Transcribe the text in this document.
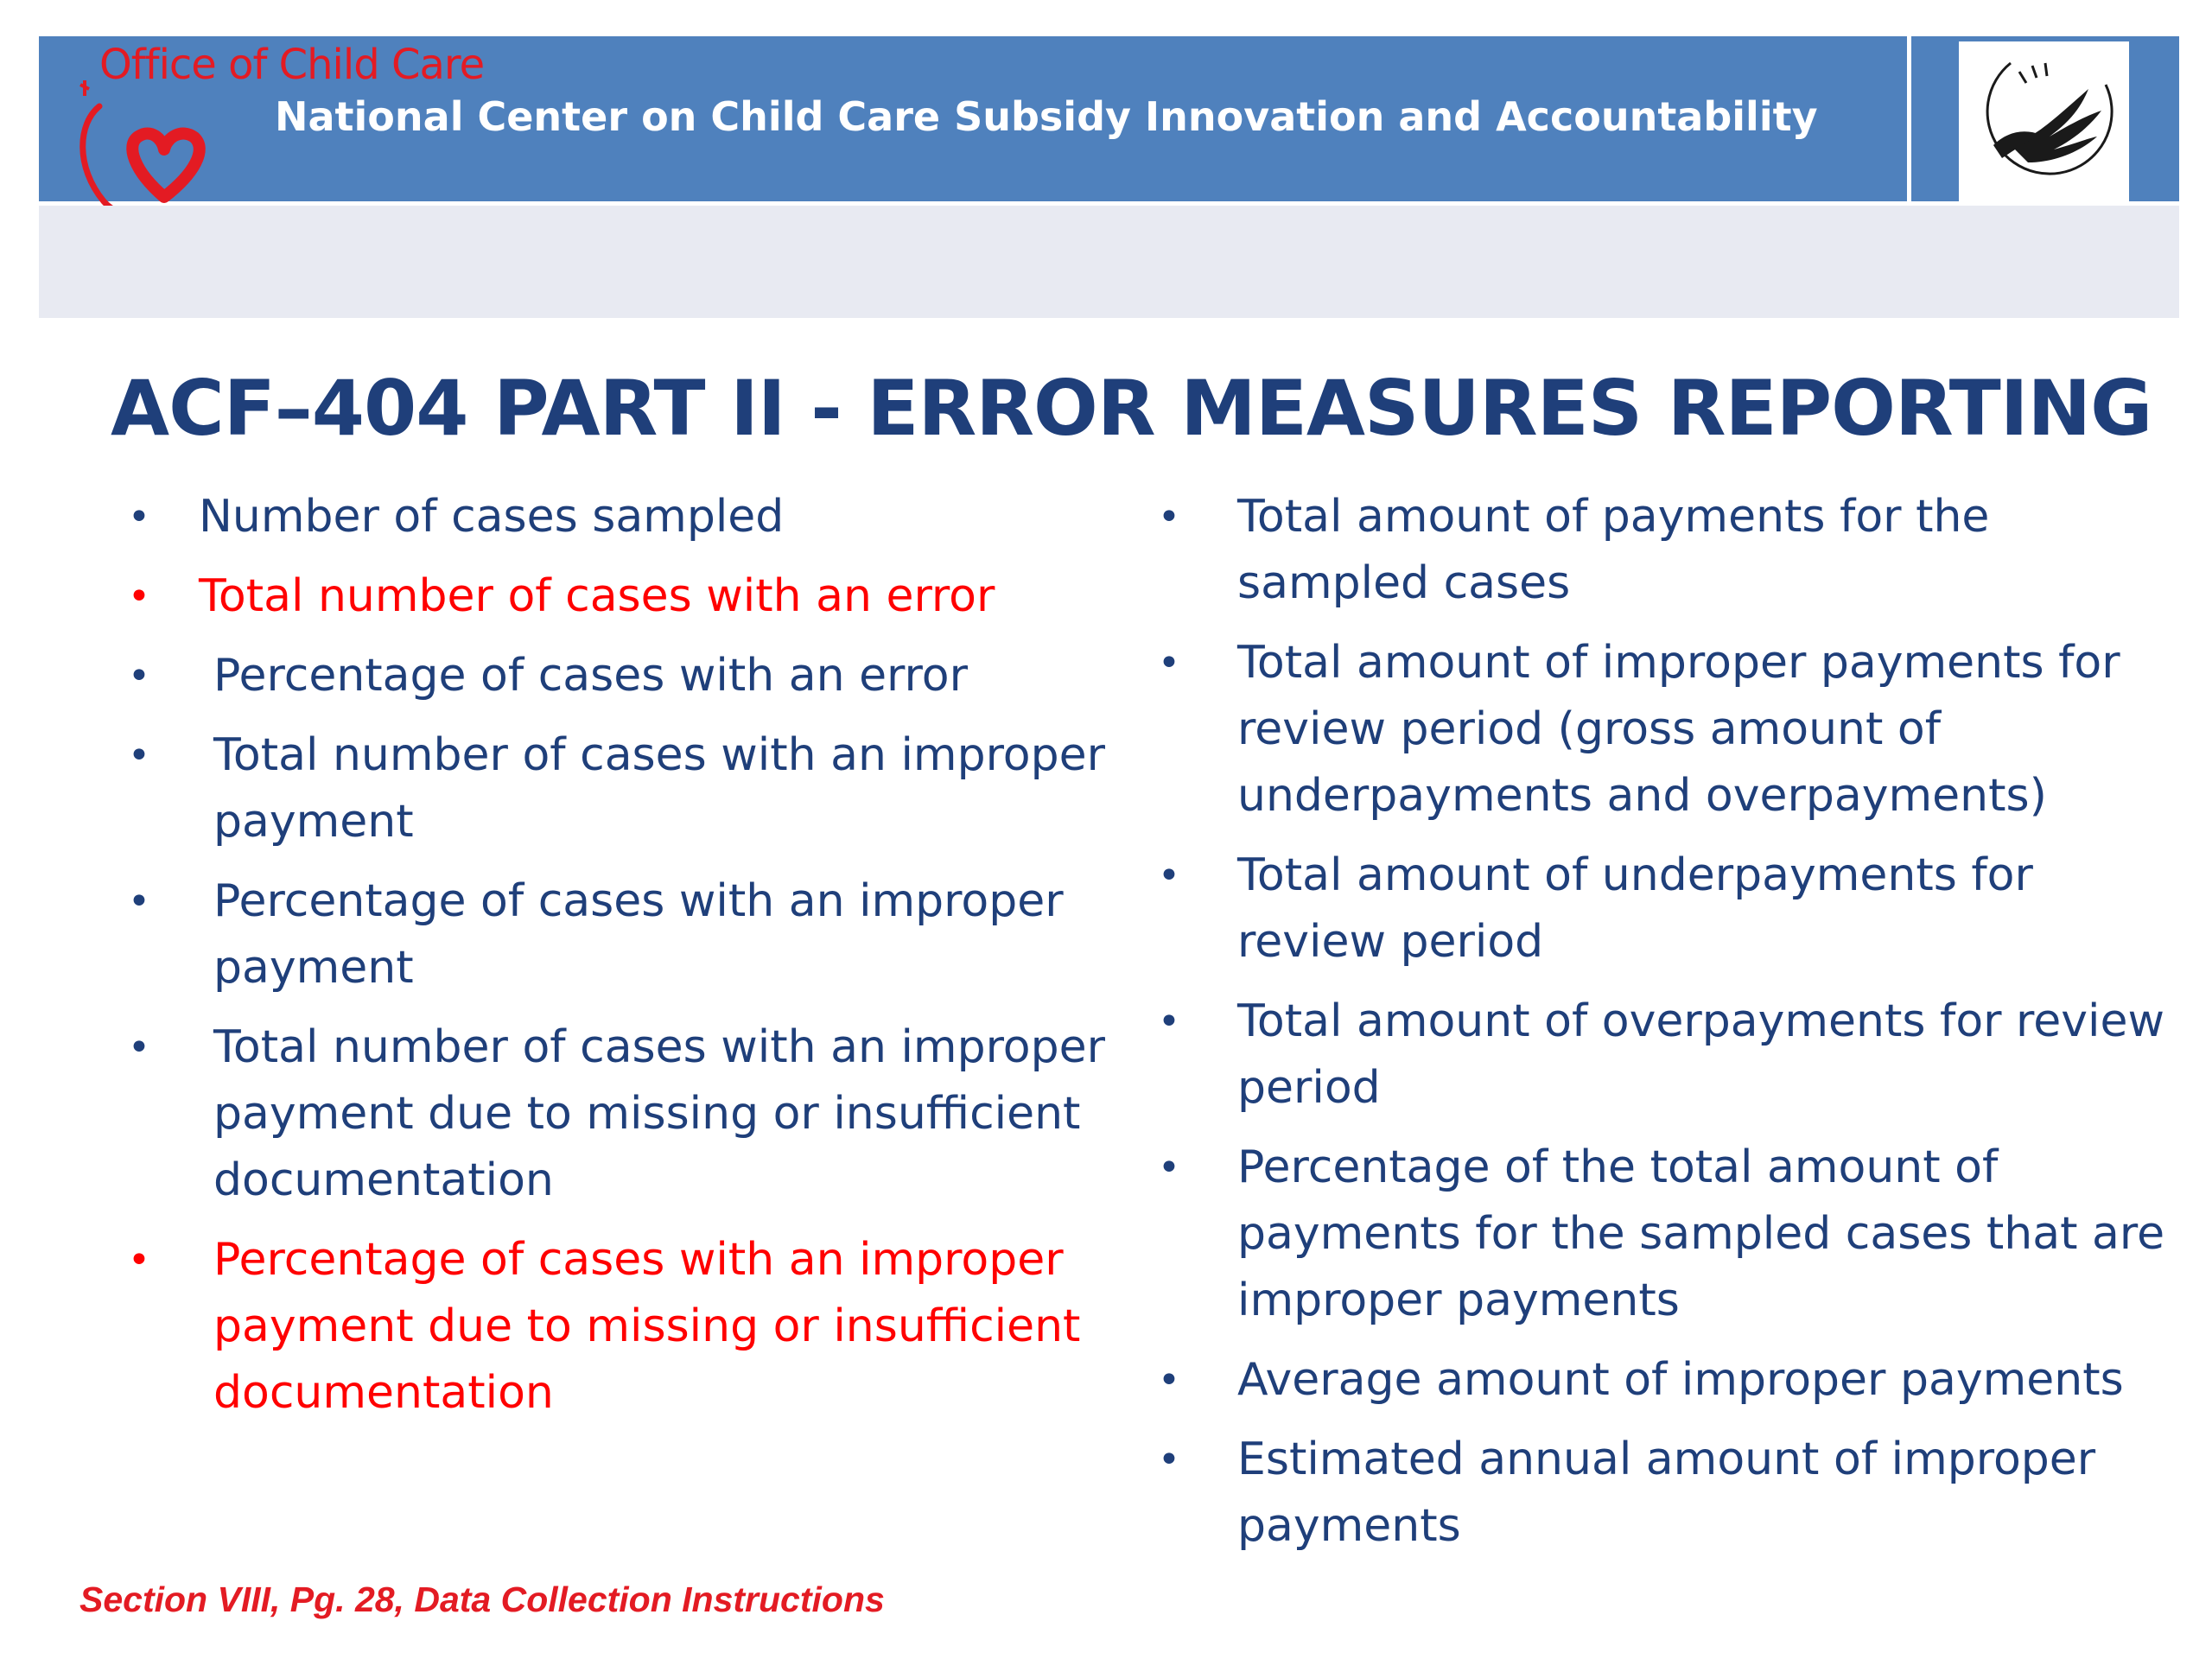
Office of Child Care
National Center on Child Care Subsidy Innovation and Accountability
ACF–404 PART II - ERROR MEASURES REPORTING
• Number of cases sampled
• Total number of cases with an error
• Percentage of cases with an error
• Total number of cases with an improper payment
• Percentage of cases with an improper payment
• Total number of cases with an improper payment due to missing or insufficient documentation
• Percentage of cases with an improper payment due to missing or insufficient documentation
• Total amount of payments for the sampled cases
• Total amount of improper payments for review period (gross amount of underpayments and overpayments)
• Total amount of underpayments for review period
• Total amount of overpayments for review period
• Percentage of the total amount of payments for the sampled cases that are improper payments
• Average amount of improper payments
• Estimated annual amount of improper payments
Section VIII, Pg. 28, Data Collection Instructions
